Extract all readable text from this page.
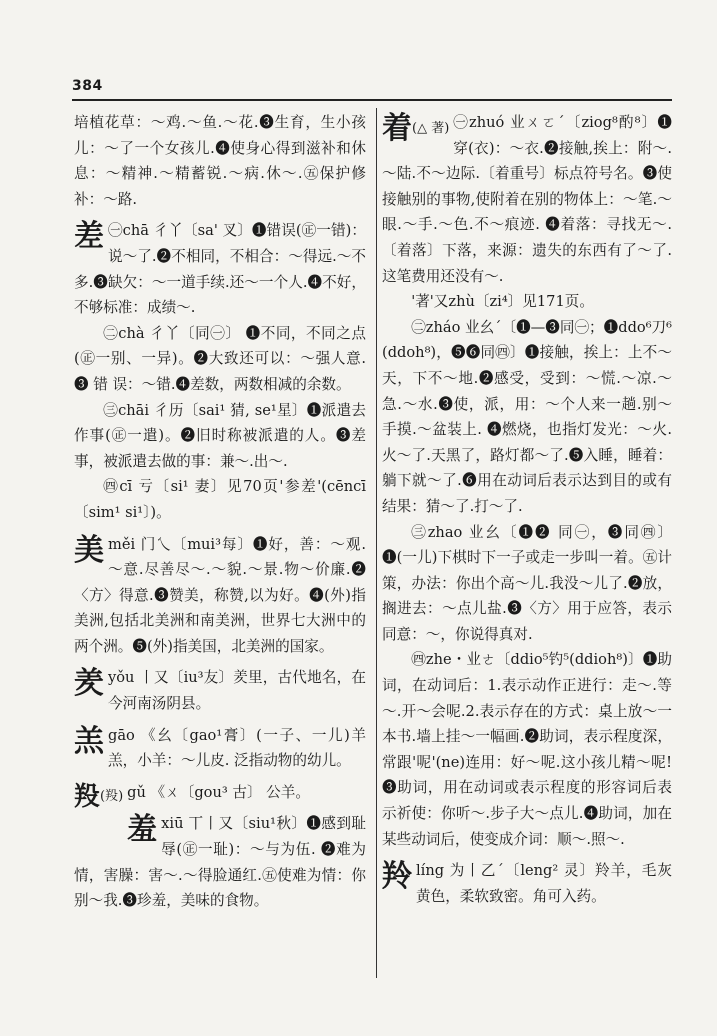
384

培植花草：～鸡.～鱼.～花.❸生育，生小孩儿：～了一个女孩儿.❹使身心得到滋补和休息：～精神.～精蓄锐.～病.休～.㊄保护修补：～路.

差 ㊀chā 彳丫〔sa' 叉〕❶错误(㊣一错)：说～了.❷不相同，不相合：～得远.～不多.❸缺欠：～一道手续.还～一个人.❹不好，不够标准：成绩～.
㊁chà 彳丫〔同㊀〕 ❶不同，不同之点(㊣一别、一异)。❷大致还可以：～强人意. ❸ 错 误：～错.❹差数，两数相减的余数。
㊂chāi 彳历〔sai¹ 猜, se¹星〕❶派遣去作事(㊣一遣)。❷旧时称被派遣的人。❸差事，被派遣去做的事：兼～.出～.
㊃cī 亏〔si¹ 妻〕见70页'参差'(cēncī〔sim¹ si¹〕)。
美 měi 门乀〔mui³每〕❶好，善：～观.～意.尽善尽～.～貌.～景.物～价廉.❷〈方〉得意.❸赞美，称赞,以为好。❹(外)指美洲,包括北美洲和南美洲，世界七大洲中的两个洲。❺(外)指美国，北美洲的国家。
羑 yǒu 丨又〔iu³友〕羑里，古代地名，在今河南汤阴县。
羔 gāo 《幺〔gao¹膏〕(一子、一儿)羊羔，小羊：～儿皮. 泛指动物的幼儿。
羖$^{(羖)}$ gǔ 《ㄨ〔gou³ 古〕 公羊。
羞 xiū 丅丨又〔siu¹秋〕❶感到耻辱(㊣一耻)：～与为伍. ❷难为情，害臊：害～.～得脸通红.㊄使难为情：你别～我.❸珍羞，美味的食物。
着$^{(\triangle 著)}$ ㊀zhuó 业ㄨㄛˊ〔ziog⁸酌⁸〕❶穿(衣)：～衣.❷接触,挨上：附～.～陆.不～边际.〔着重号〕标点符号名。❸使接触别的事物,使附着在别的物体上：～笔.～眼.～手.～色.不～痕迹. ❹着落：寻找无～.〔着落〕下落，来源：遗失的东西有了～了.这笔费用还没有～.
'著'又zhù〔zi⁴〕见171页。
㊁zháo 业幺ˊ〔❶—❸同㊀；❶ddo⁶刀⁶ (ddoh⁸)，❺❻同㊃〕❶接触，挨上：上不～天，下不～地.❷感受，受到：～慌.～凉.～急.～水.❸使，派，用：～个人来一趟.别～手摸.～盆装上. ❹燃烧，也指灯发光：～火.火～了.天黑了，路灯都～了.❺入睡，睡着：躺下就～了.❻用在动词后表示达到目的或有结果：猜～了.打～了.
㊂zhao 业幺〔❶❷ 同㊀，❸同㊃〕❶(一儿)下棋时下一子或走一步叫一着。㊄计策，办法：你出个高～儿.我没～儿了.❷放，搁进去：～点儿盐.❸〈方〉用于应答，表示同意：～，你说得真对.
㊃zhe・业ㄜ〔ddio⁵钓⁵(ddioh⁸)〕❶助词，在动词后：1.表示动作正进行：走～.等～.开～会呢.2.表示存在的方式：桌上放～一本书.墙上挂～一幅画.❷助词，表示程度深，常跟'呢'(ne)连用：好～呢.这小孩儿精～呢! ❸助词，用在动词或表示程度的形容词后表示祈使：你听～.步子大～点儿.❹助词，加在某些动词后，使变成介词：顺～.照～.
羚 líng 为丨乙ˊ〔leng² 灵〕羚羊，毛灰黄色，柔软致密。角可入药。
